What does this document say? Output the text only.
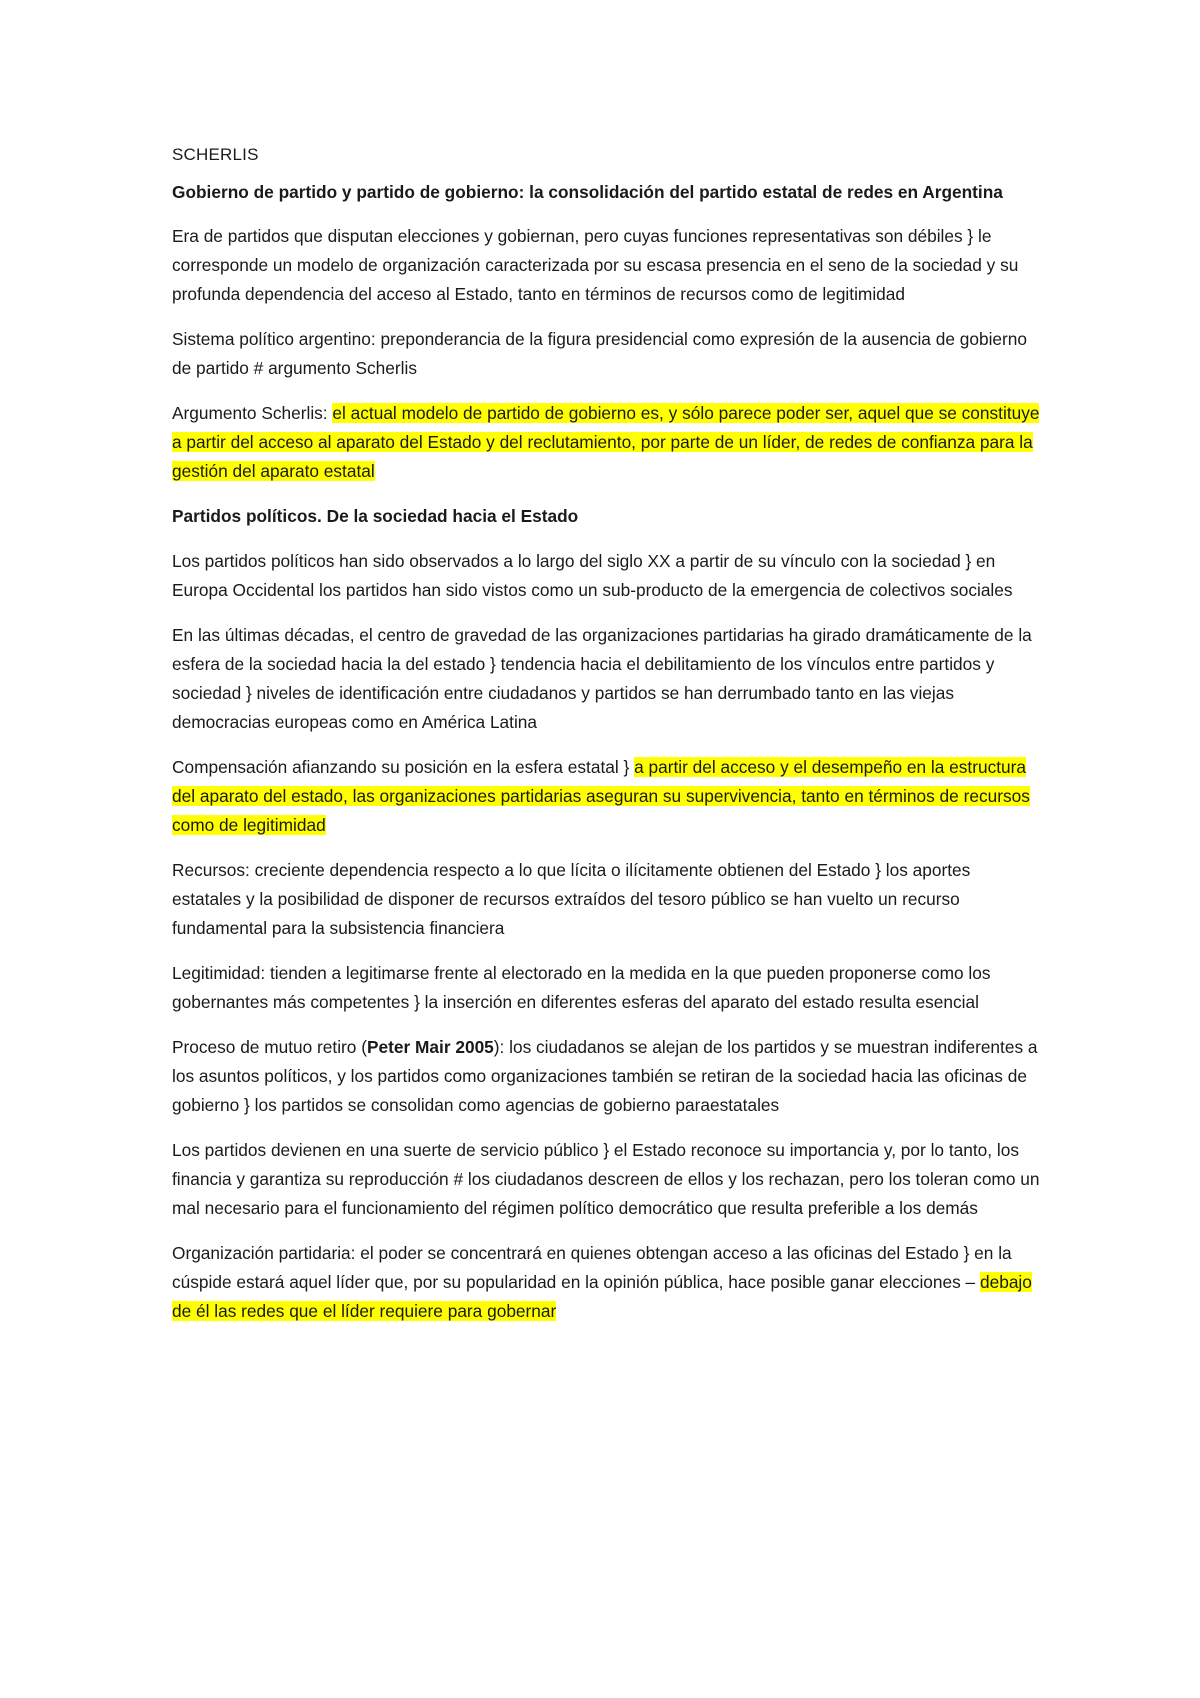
SCHERLIS
Gobierno de partido y partido de gobierno: la consolidación del partido estatal de redes en Argentina
Era de partidos que disputan elecciones y gobiernan, pero cuyas funciones representativas son débiles } le corresponde un modelo de organización caracterizada por su escasa presencia en el seno de la sociedad y su profunda dependencia del acceso al Estado, tanto en términos de recursos como de legitimidad
Sistema político argentino: preponderancia de la figura presidencial como expresión de la ausencia de gobierno de partido # argumento Scherlis
Argumento Scherlis: el actual modelo de partido de gobierno es, y sólo parece poder ser, aquel que se constituye a partir del acceso al aparato del Estado y del reclutamiento, por parte de un líder, de redes de confianza para la gestión del aparato estatal
Partidos políticos. De la sociedad hacia el Estado
Los partidos políticos han sido observados a lo largo del siglo XX a partir de su vínculo con la sociedad } en Europa Occidental los partidos han sido vistos como un sub-producto de la emergencia de colectivos sociales
En las últimas décadas, el centro de gravedad de las organizaciones partidarias ha girado dramáticamente de la esfera de la sociedad hacia la del estado } tendencia hacia el debilitamiento de los vínculos entre partidos y sociedad } niveles de identificación entre ciudadanos y partidos se han derrumbado tanto en las viejas democracias europeas como en América Latina
Compensación afianzando su posición en la esfera estatal } a partir del acceso y el desempeño en la estructura del aparato del estado, las organizaciones partidarias aseguran su supervivencia, tanto en términos de recursos como de legitimidad
Recursos: creciente dependencia respecto a lo que lícita o ilícitamente obtienen del Estado } los aportes estatales y la posibilidad de disponer de recursos extraídos del tesoro público se han vuelto un recurso fundamental para la subsistencia financiera
Legitimidad: tienden a legitimarse frente al electorado en la medida en la que pueden proponerse como los gobernantes más competentes } la inserción en diferentes esferas del aparato del estado resulta esencial
Proceso de mutuo retiro (Peter Mair 2005): los ciudadanos se alejan de los partidos y se muestran indiferentes a los asuntos políticos, y los partidos como organizaciones también se retiran de la sociedad hacia las oficinas de gobierno } los partidos se consolidan como agencias de gobierno paraestatales
Los partidos devienen en una suerte de servicio público } el Estado reconoce su importancia y, por lo tanto, los financia y garantiza su reproducción # los ciudadanos descreen de ellos y los rechazan, pero los toleran como un mal necesario para el funcionamiento del régimen político democrático que resulta preferible a los demás
Organización partidaria: el poder se concentrará en quienes obtengan acceso a las oficinas del Estado } en la cúspide estará aquel líder que, por su popularidad en la opinión pública, hace posible ganar elecciones – debajo de él las redes que el líder requiere para gobernar
